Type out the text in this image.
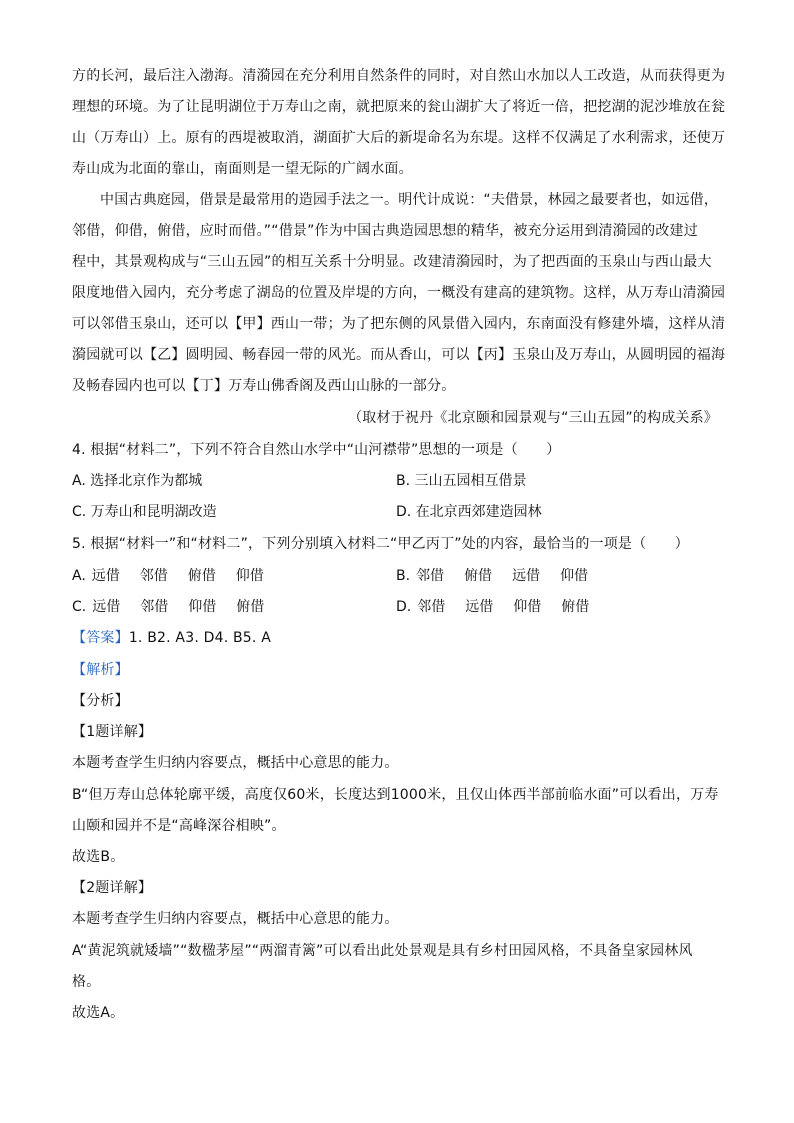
方的长河，最后注入渤海。清漪园在充分利用自然条件的同时，对自然山水加以人工改造，从而获得更为
理想的环境。为了让昆明湖位于万寿山之南，就把原来的瓮山湖扩大了将近一倍，把挖湖的泥沙堆放在瓮
山（万寿山）上。原有的西堤被取消，湖面扩大后的新堤命名为东堤。这样不仅满足了水利需求，还使万
寿山成为北面的靠山，南面则是一望无际的广阔水面。
中国古典庭园，借景是最常用的造园手法之一。明代计成说：“夫借景，林园之最要者也，如远借，
邻借，仰借，俯借，应时而借。”“借景”作为中国古典造园思想的精华，被充分运用到清漪园的改建过
程中，其景观构成与“三山五园”的相互关系十分明显。改建清漪园时，为了把西面的玉泉山与西山最大
限度地借入园内，充分考虑了湖岛的位置及岸堤的方向，一概没有建高的建筑物。这样，从万寿山清漪园
可以邻借玉泉山，还可以【甲】西山一带；为了把东侧的风景借入园内，东南面没有修建外墙，这样从清
漪园就可以【乙】圆明园、畅春园一带的风光。而从香山，可以【丙】玉泉山及万寿山，从圆明园的福海
及畅春园内也可以【丁】万寿山佛香阁及西山山脉的一部分。
（取材于祝丹《北京颐和园景观与“三山五园”的构成关系》
4. 根据“材料二”，下列不符合自然山水学中“山河襟带”思想的一项是（　　）
A. 选择北京作为都城	B. 三山五园相互借景
C. 万寿山和昆明湖改造	D. 在北京西郊建造园林
5. 根据“材料一”和“材料二”，下列分别填入材料二“甲乙丙丁”处的内容，最恰当的一项是（　　）
A. 远借 邻借 俯借 仰借	B. 邻借 俯借 远借 仰借
C. 远借 邻借 仰借 俯借	D. 邻借 远借 仰借 俯借
【答案】1. B2. A3. D4. B5. A
【解析】
【分析】
【1题详解】
本题考查学生归纳内容要点，概括中心意思的能力。
B“但万寿山总体轮廓平缓，高度仅60米，长度达到1000米，且仅山体西半部前临水面”可以看出，万寿
山颐和园并不是“高峰深谷相映”。
故选B。
【2题详解】
本题考查学生归纳内容要点，概括中心意思的能力。
A“黄泥筑就矮墙”“数楹茅屋”“两溜青篱”可以看出此处景观是具有乡村田园风格，不具备皇家园林风
格。
故选A。
